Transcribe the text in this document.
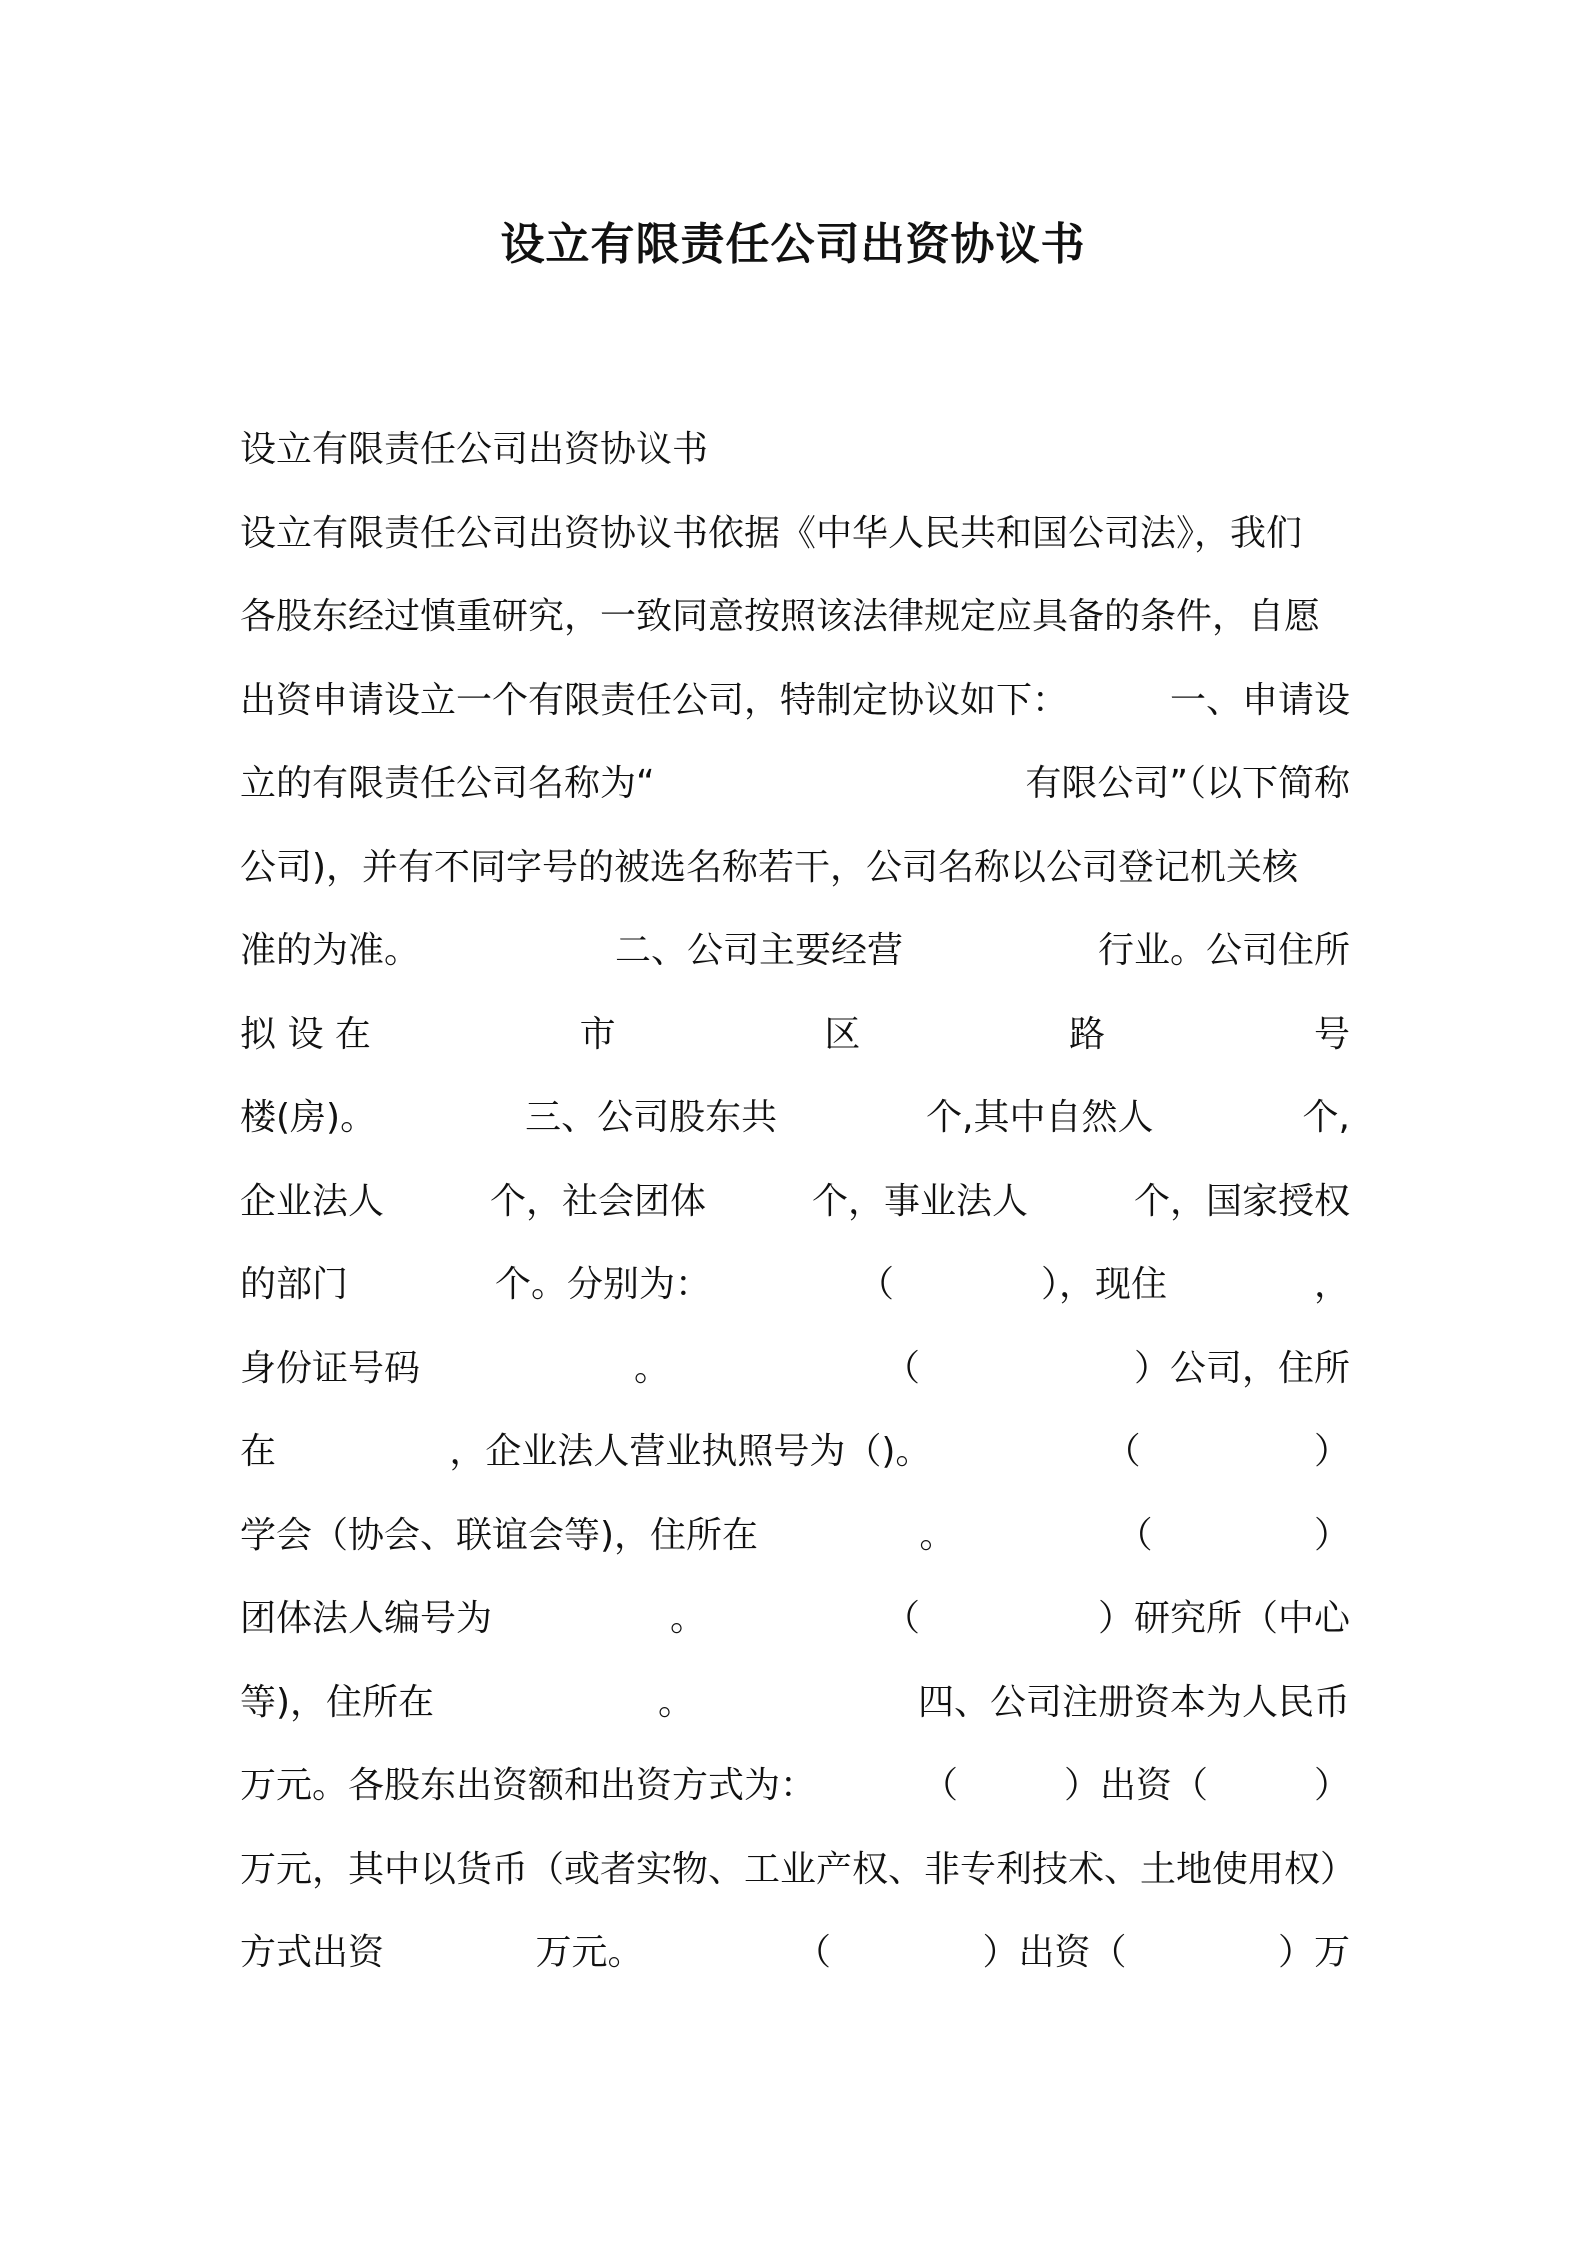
设立有限责任公司出资协议书
设立有限责任公司出资协议书
设立有限责任公司出资协议书依据《中华人民共和国公司法》，我们
各股东经过慎重研究，一致同意按照该法律规定应具备的条件，自愿
出资申请设立一个有限责任公司，特制定协议如下：	一、申请设
立的有限责任公司名称为“	有限公司”（以下简称
公司)，并有不同字号的被选名称若干，公司名称以公司登记机关核
准的为准。	二、公司主要经营	行业。公司住所
拟 设 在	市	区	路	号
楼(房)。	三、公司股东共	个,其中自然人	个,
企业法人	个，社会团体	个，事业法人	个，国家授权
的部门	个。分别为：	（	），现住	，
身份证号码	。	（	）公司，住所
在	，企业法人营业执照号为（)。	（	）
学会（协会、联谊会等)，住所在	。	（	）
团体法人编号为	。	（	）研究所（中心
等)，住所在	。	四、公司注册资本为人民币
万元。各股东出资额和出资方式为：	（	）出资（	）
万元，其中以货币（或者实物、工业产权、非专利技术、土地使用权）
方式出资	万元。	（	）出资（	）万
